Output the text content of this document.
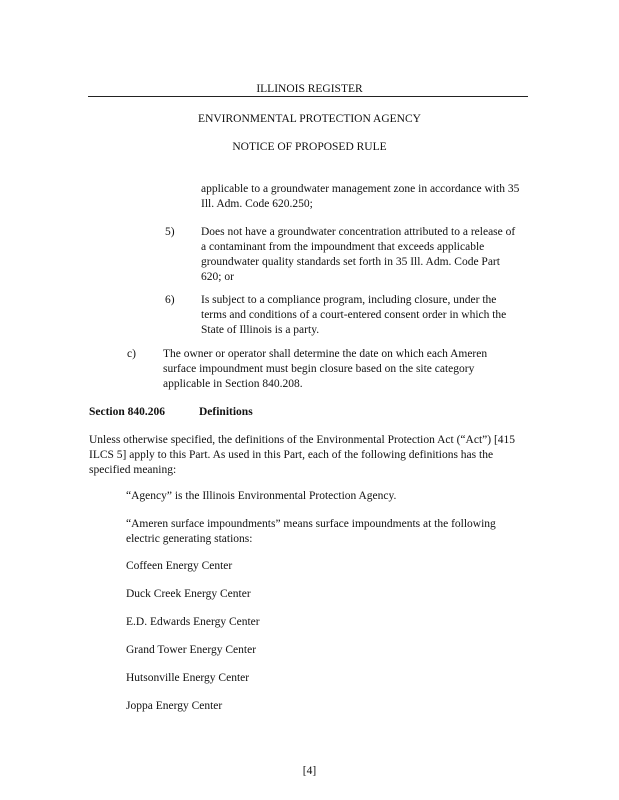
ILLINOIS REGISTER
ENVIRONMENTAL PROTECTION AGENCY
NOTICE OF PROPOSED RULE
applicable to a groundwater management zone in accordance with 35 Ill. Adm. Code 620.250;
5) Does not have a groundwater concentration attributed to a release of a contaminant from the impoundment that exceeds applicable groundwater quality standards set forth in 35 Ill. Adm. Code Part 620; or
6) Is subject to a compliance program, including closure, under the terms and conditions of a court-entered consent order in which the State of Illinois is a party.
c) The owner or operator shall determine the date on which each Ameren surface impoundment must begin closure based on the site category applicable in Section 840.208.
Section 840.206	Definitions
Unless otherwise specified, the definitions of the Environmental Protection Act (“Act”) [415 ILCS 5] apply to this Part. As used in this Part, each of the following definitions has the specified meaning:
“Agency” is the Illinois Environmental Protection Agency.
“Ameren surface impoundments” means surface impoundments at the following electric generating stations:
Coffeen Energy Center
Duck Creek Energy Center
E.D. Edwards Energy Center
Grand Tower Energy Center
Hutsonville Energy Center
Joppa Energy Center
[4]
